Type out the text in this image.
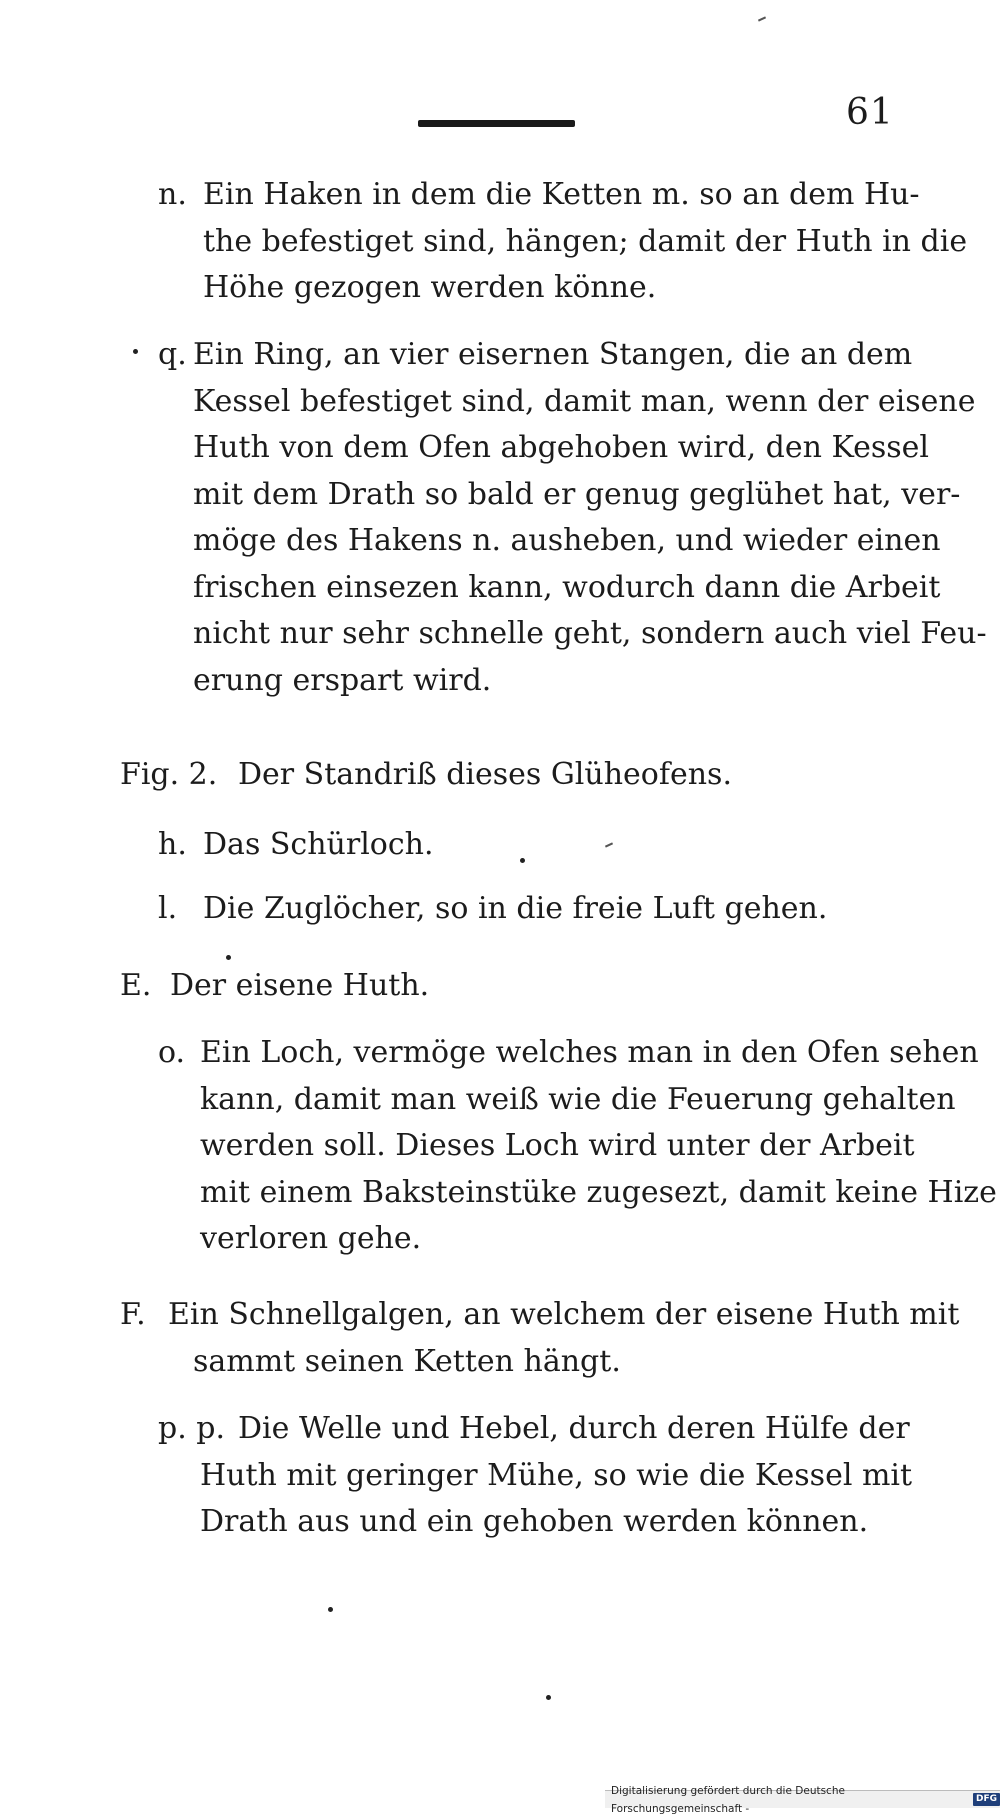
61
n. Ein Haken in dem die Ketten m. so an dem Hu-
the befestiget sind, hängen; damit der Huth in die
Höhe gezogen werden könne.
q. Ein Ring, an vier eisernen Stangen, die an dem
Kessel befestiget sind, damit man, wenn der eisene
Huth von dem Ofen abgehoben wird, den Kessel
mit dem Drath so bald er genug geglühet hat, ver-
möge des Hakens n. ausheben, und wieder einen
frischen einsezen kann, wodurch dann die Arbeit
nicht nur sehr schnelle geht, sondern auch viel Feu-
erung erspart wird.
Fig. 2. Der Standriß dieses Glüheofens.
h. Das Schürloch.
l. Die Zuglöcher, so in die freie Luft gehen.
E. Der eisene Huth.
o. Ein Loch, vermöge welches man in den Ofen sehen
kann, damit man weiß wie die Feuerung gehalten
werden soll. Dieses Loch wird unter der Arbeit
mit einem Baksteinstüke zugesezt, damit keine Hize
verloren gehe.
F. Ein Schnellgalgen, an welchem der eisene Huth mit
sammt seinen Ketten hängt.
p. p. Die Welle und Hebel, durch deren Hülfe der
Huth mit geringer Mühe, so wie die Kessel mit
Drath aus und ein gehoben werden können.
Digitalisierung gefördert durch die Deutsche Forschungsgemeinschaft -
DFG
